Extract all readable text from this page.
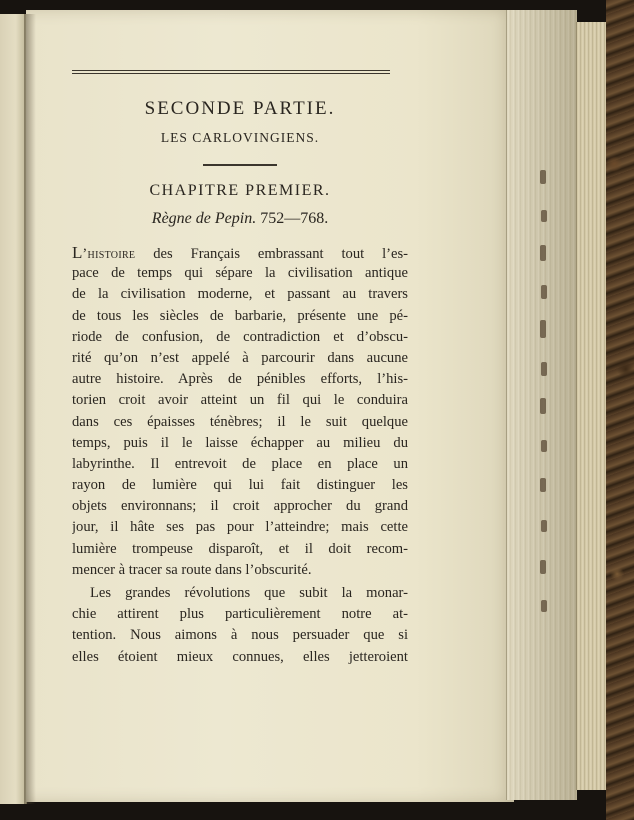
SECONDE PARTIE.
LES CARLOVINGIENS.
CHAPITRE PREMIER.
Règne de Pepin. 752—768.
L’histoire des Français embrassant tout l’es-
pace de temps qui sépare la civilisation antique
de la civilisation moderne, et passant au travers
de tous les siècles de barbarie, présente une pé-
riode de confusion, de contradiction et d’obscu-
rité qu’on n’est appelé à parcourir dans aucune
autre histoire. Après de pénibles efforts, l’his-
torien croit avoir atteint un fil qui le conduira
dans ces épaisses ténèbres; il le suit quelque
temps, puis il le laisse échapper au milieu du
labyrinthe. Il entrevoit de place en place un
rayon de lumière qui lui fait distinguer les
objets environnans; il croit approcher du grand
jour, il hâte ses pas pour l’atteindre; mais cette
lumière trompeuse disparoît, et il doit recom-
mencer à tracer sa route dans l’obscurité.
Les grandes révolutions que subit la monar-
chie attirent plus particulièrement notre at-
tention. Nous aimons à nous persuader que si
elles étoient mieux connues, elles jetteroient
